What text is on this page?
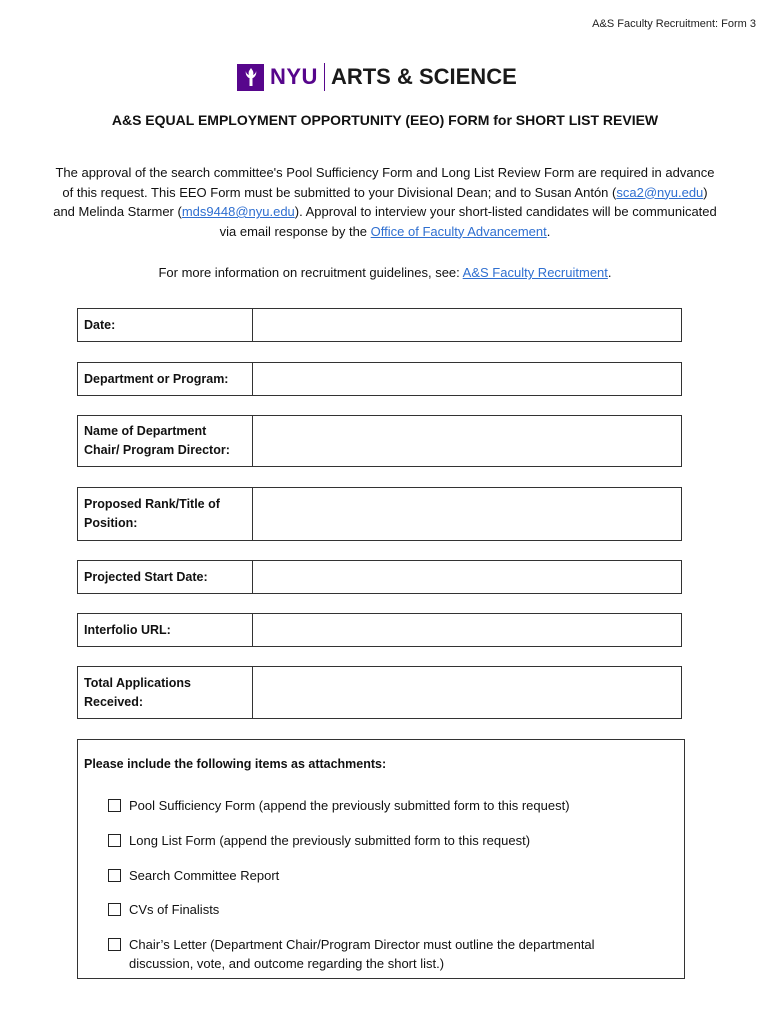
A&S Faculty Recruitment: Form 3
NYU ARTS & SCIENCE
A&S EQUAL EMPLOYMENT OPPORTUNITY (EEO) FORM for SHORT LIST REVIEW
The approval of the search committee's Pool Sufficiency Form and Long List Review Form are required in advance of this request. This EEO Form must be submitted to your Divisional Dean; and to Susan Antón (sca2@nyu.edu) and Melinda Starmer (mds9448@nyu.edu). Approval to interview your short-listed candidates will be communicated via email response by the Office of Faculty Advancement.
For more information on recruitment guidelines, see: A&S Faculty Recruitment.
Date:
Department or Program:
Name of Department
Chair/ Program Director:
Proposed Rank/Title of
Position:
Projected Start Date:
Interfolio URL:
Total Applications
Received:
Please include the following items as attachments:
Pool Sufficiency Form (append the previously submitted form to this request)
Long List Form (append the previously submitted form to this request)
Search Committee Report
CVs of Finalists
Chair’s Letter (Department Chair/Program Director must outline the departmental discussion, vote, and outcome regarding the short list.)
